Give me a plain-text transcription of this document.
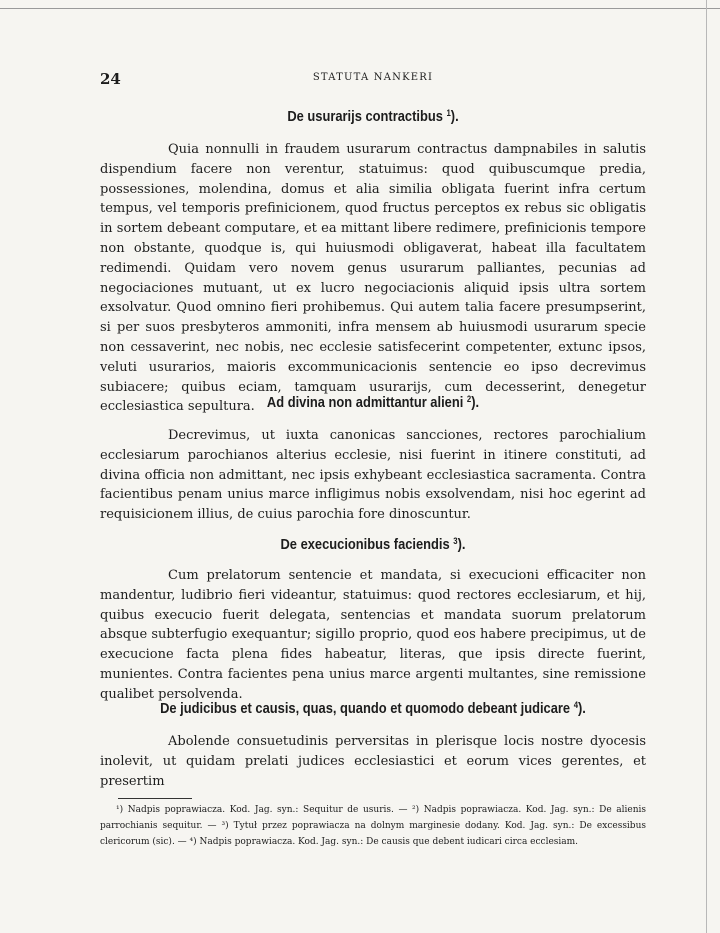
24	STATUTA NANKERI
De usurarijs contractibus $^1$).

Quia nonnulli in fraudem usurarum contractus dampnabiles in salutis dispendium facere non verentur, statuimus: quod quibuscumque predia, possessiones, molendina, domus et alia similia obligata fuerint infra certum tempus, vel temporis prefinicionem, quod fructus perceptos ex rebus sic obligatis in sortem debeant computare, et ea mittant libere redimere, prefinicionis tempore non obstante, quodque is, qui huiusmodi obligaverat, habeat illa facultatem redimendi. Quidam vero novem genus usurarum palliantes, pecunias ad negociaciones mutuant, ut ex lucro negociacionis aliquid ipsis ultra sortem exsolvatur. Quod omnino fieri prohibemus. Qui autem talia facere presumpserint, si per suos presbyteros ammoniti, infra mensem ab huiusmodi usurarum specie non cessaverint, nec nobis, nec ecclesie satisfecerint competenter, extunc ipsos, veluti usurarios, maioris excommunicacionis sentencie eo ipso decrevimus subiacere; quibus eciam, tamquam usurarijs, cum decesserint, denegetur ecclesiastica sepultura. Ad divina non admittantur alieni $^2$).

Decrevimus, ut iuxta canonicas sancciones, rectores parochialium ecclesiarum parochianos alterius ecclesie, nisi fuerint in itinere constituti, ad divina officia non admittant, nec ipsis exhybeant ecclesiastica sacramenta. Contra facientibus penam unius marce infligimus nobis exsolvendam, nisi hoc egerint ad requisicionem illius, de cuius parochia fore dinoscuntur.

De execucionibus faciendis $^3$).

Cum prelatorum sentencie et mandata, si execucioni efficaciter non mandentur, ludibrio fieri videantur, statuimus: quod rectores ecclesiarum, et hij, quibus execucio fuerit delegata, sentencias et mandata suorum prelatorum absque subterfugio exequantur; sigillo proprio, quod eos habere precipimus, ut de execucione facta plena fides habeatur, literas, que ipsis directe fuerint, munientes. Contra facientes pena unius marce argenti multantes, sine remissione qualibet persolvenda.

De judicibus et causis, quas, quando et quomodo debeant judicare $^4$).

Abolende consuetudinis perversitas in plerisque locis nostre dyocesis inolevit, ut quidam prelati judices ecclesiastici et eorum vices gerentes, et presertim

¹) Nadpis poprawiacza. Kod. Jag. syn.: Sequitur de usuris. — ²) Nadpis poprawiacza. Kod. Jag. syn.: De alienis parrochianis sequitur. — ³) Tytuł przez poprawiacza na dolnym marginesie dodany. Kod. Jag. syn.: De excessibus clericorum (sic). — ⁴) Nadpis poprawiacza. Kod. Jag. syn.: De causis que debent iudicari circa ecclesiam.
